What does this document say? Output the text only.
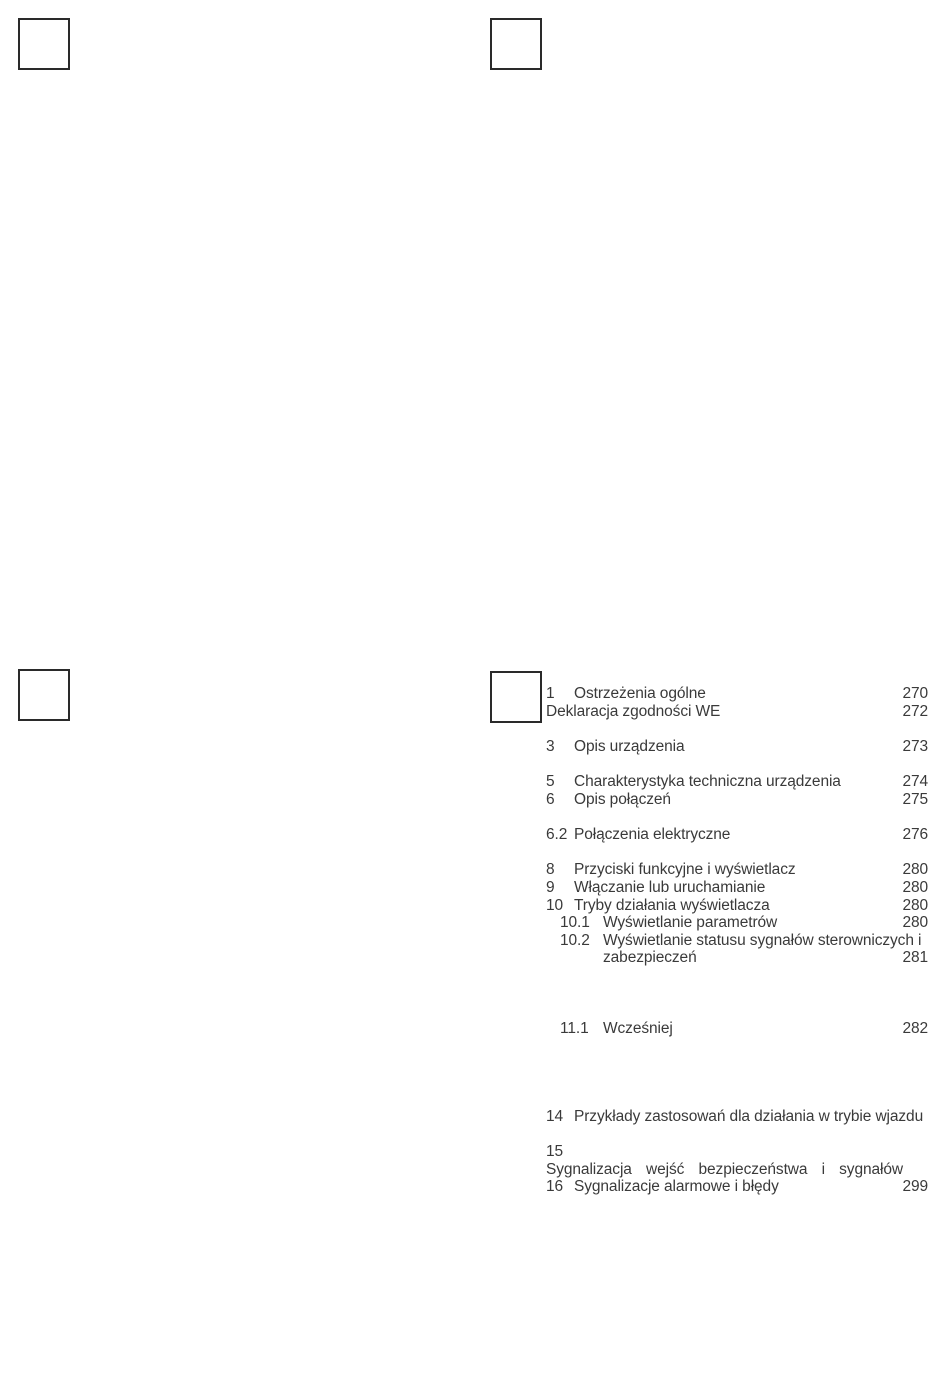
1 Ostrzeżenia ogólne	270
Deklaracja zgodności WE	272
3 Opis urządzenia	273
5 Charakterystyka techniczna urządzenia	274
6 Opis połączeń	275
6.2 Połączenia elektryczne	276
8 Przyciski funkcyjne i wyświetlacz	280
9 Włączanie lub uruchamianie	280
10 Tryby działania wyświetlacza	280
10.1 Wyświetlanie parametrów	280
10.2 Wyświetlanie statusu sygnałów sterowniczych i
zabezpieczeń	281
11.1 Wcześniej	282
14 Przykłady zastosowań dla działania w trybie wjazdu
15
Sygnalizacja wejść bezpieczeństwa i sygnałów
16 Sygnalizacje alarmowe i błędy	299
